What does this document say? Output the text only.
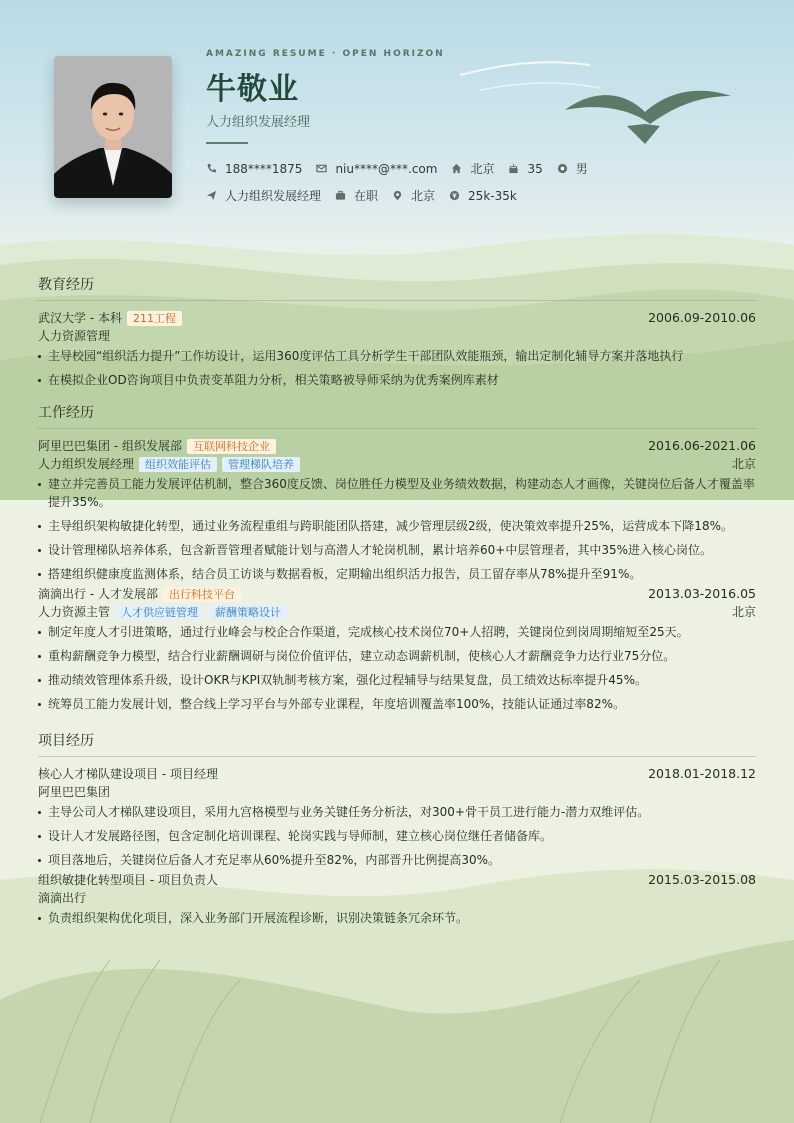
AMAZING RESUME · OPEN HORIZON
牛敬业
人力组织发展经理
188****1875	niu****@***.com	北京	35	男
人力组织发展经理	在职	北京	25k-35k
教育经历
武汉大学 - 本科	211工程	2006.09-2010.06
人力资源管理
主导校园“组织活力提升”工作坊设计，运用360度评估工具分析学生干部团队效能瓶颈，输出定制化辅导方案并落地执行
在模拟企业OD咨询项目中负责变革阻力分析，相关策略被导师采纳为优秀案例库素材
工作经历
阿里巴巴集团 - 组织发展部	互联网科技企业	2016.06-2021.06
人力组织发展经理	组织效能评估	管理梯队培养	北京
建立并完善员工能力发展评估机制，整合360度反馈、岗位胜任力模型及业务绩效数据，构建动态人才画像，关键岗位后备人才覆盖率提升35%。
主导组织架构敏捷化转型，通过业务流程重组与跨职能团队搭建，减少管理层级2级，使决策效率提升25%，运营成本下降18%。
设计管理梯队培养体系，包含新晋管理者赋能计划与高潜人才轮岗机制，累计培养60+中层管理者，其中35%进入核心岗位。
搭建组织健康度监测体系，结合员工访谈与数据看板，定期输出组织活力报告，员工留存率从78%提升至91%。
滴滴出行 - 人才发展部	出行科技平台	2013.03-2016.05
人力资源主管	人才供应链管理	薪酬策略设计	北京
制定年度人才引进策略，通过行业峰会与校企合作渠道，完成核心技术岗位70+人招聘，关键岗位到岗周期缩短至25天。
重构薪酬竞争力模型，结合行业薪酬调研与岗位价值评估，建立动态调薪机制，使核心人才薪酬竞争力达行业75分位。
推动绩效管理体系升级，设计OKR与KPI双轨制考核方案，强化过程辅导与结果复盘，员工绩效达标率提升45%。
统筹员工能力发展计划，整合线上学习平台与外部专业课程，年度培训覆盖率100%，技能认证通过率82%。
项目经历
核心人才梯队建设项目 - 项目经理	2018.01-2018.12
阿里巴巴集团
主导公司人才梯队建设项目，采用九宫格模型与业务关键任务分析法，对300+骨干员工进行能力-潜力双维评估。
设计人才发展路径图，包含定制化培训课程、轮岗实践与导师制，建立核心岗位继任者储备库。
项目落地后，关键岗位后备人才充足率从60%提升至82%，内部晋升比例提高30%。
组织敏捷化转型项目 - 项目负责人	2015.03-2015.08
滴滴出行
负责组织架构优化项目，深入业务部门开展流程诊断，识别决策链条冗余环节。
